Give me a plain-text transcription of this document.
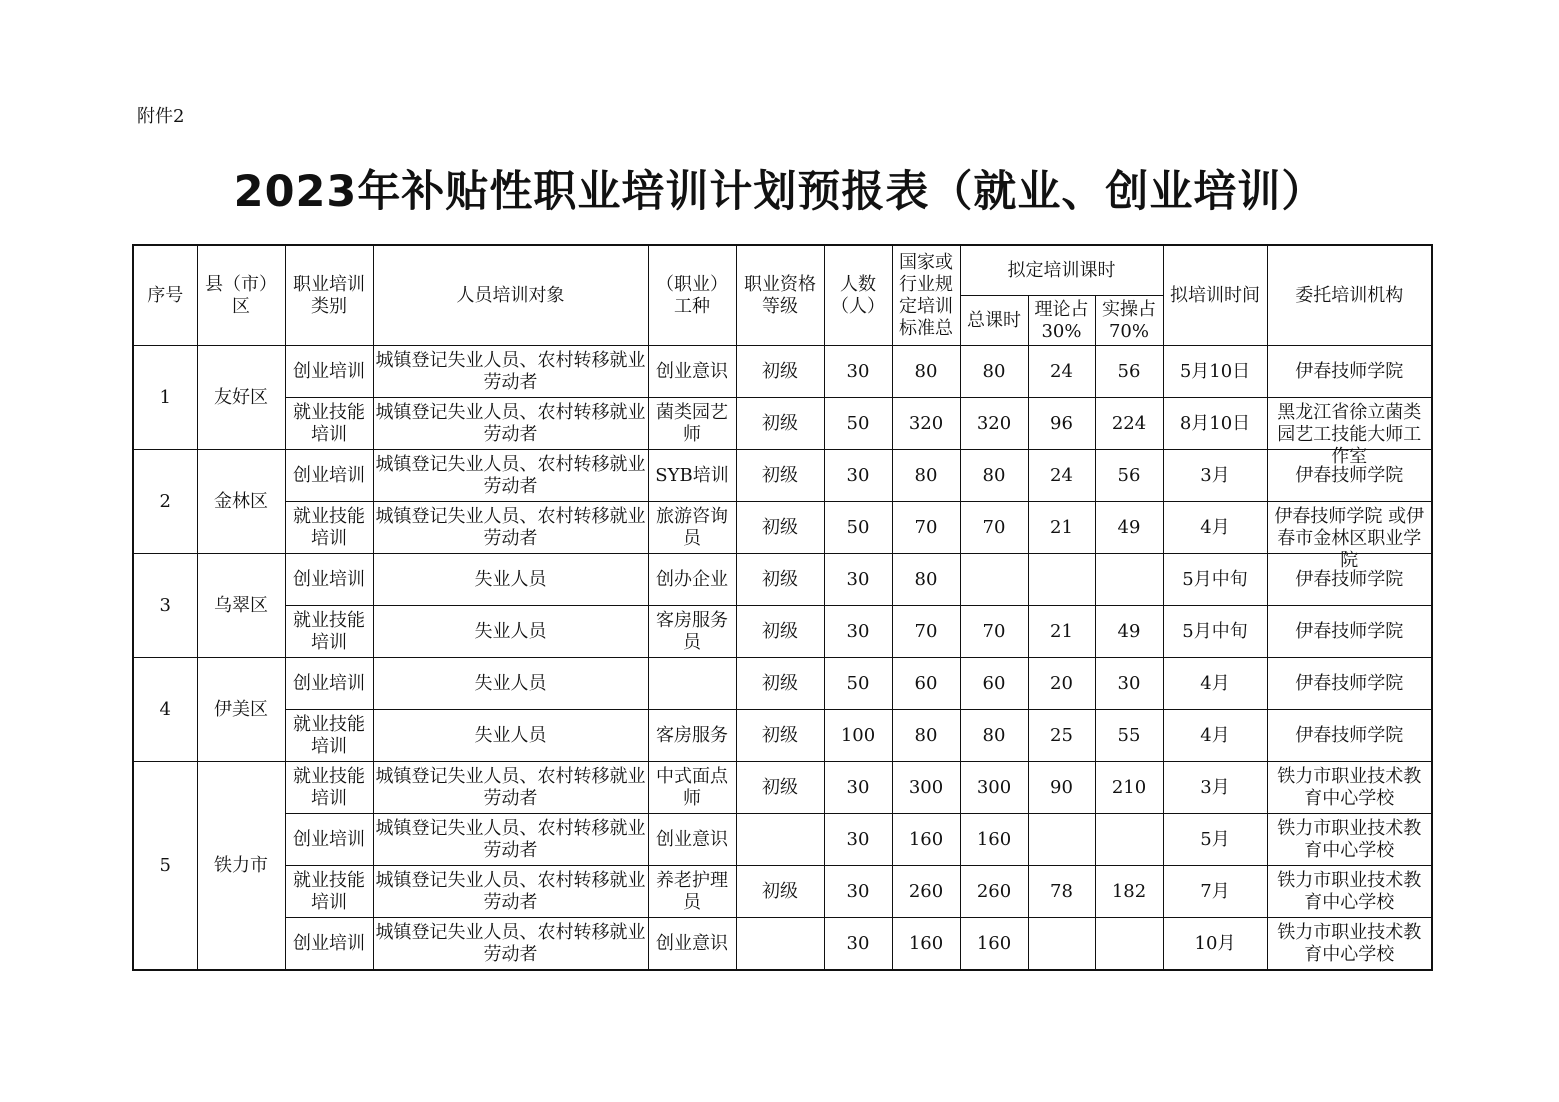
附件2
2023年补贴性职业培训计划预报表（就业、创业培训）
序号	县（市）区	职业培训类别	人员培训对象	（职业）工种	职业资格等级	人数（人）	国家或行业规定培训标准总	拟定培训课时			拟培训时间	委托培训机构
								总课时	理论占30%	实操占70%		
1	友好区	创业培训	城镇登记失业人员、农村转移就业劳动者	创业意识	初级	30	80	80	24	56	5月10日	伊春技师学院

		就业技能培训	城镇登记失业人员、农村转移就业劳动者	菌类园艺师	初级	50	320	320	96	224	8月10日	黑龙江省徐立菌类园艺工技能大师工作室

2	金林区	创业培训	城镇登记失业人员、农村转移就业劳动者	SYB培训	初级	30	80	80	24	56	3月	伊春技师学院

		就业技能培训	城镇登记失业人员、农村转移就业劳动者	旅游咨询员	初级	50	70	70	21	49	4月	伊春技师学院 或伊春市金林区职业学院

3	乌翠区	创业培训	失业人员	创办企业	初级	30	80				5月中旬	伊春技师学院

		就业技能培训	失业人员	客房服务员	初级	30	70	70	21	49	5月中旬	伊春技师学院

4	伊美区	创业培训	失业人员		初级	50	60	60	20	30	4月	伊春技师学院

		就业技能培训	失业人员	客房服务	初级	100	80	80	25	55	4月	伊春技师学院

5	铁力市	就业技能培训	城镇登记失业人员、农村转移就业劳动者	中式面点师	初级	30	300	300	90	210	3月	铁力市职业技术教育中心学校

		创业培训	城镇登记失业人员、农村转移就业劳动者	创业意识		30	160	160			5月	铁力市职业技术教育中心学校

		就业技能培训	城镇登记失业人员、农村转移就业劳动者	养老护理员	初级	30	260	260	78	182	7月	铁力市职业技术教育中心学校

		创业培训	城镇登记失业人员、农村转移就业劳动者	创业意识		30	160	160			10月	铁力市职业技术教育中心学校
